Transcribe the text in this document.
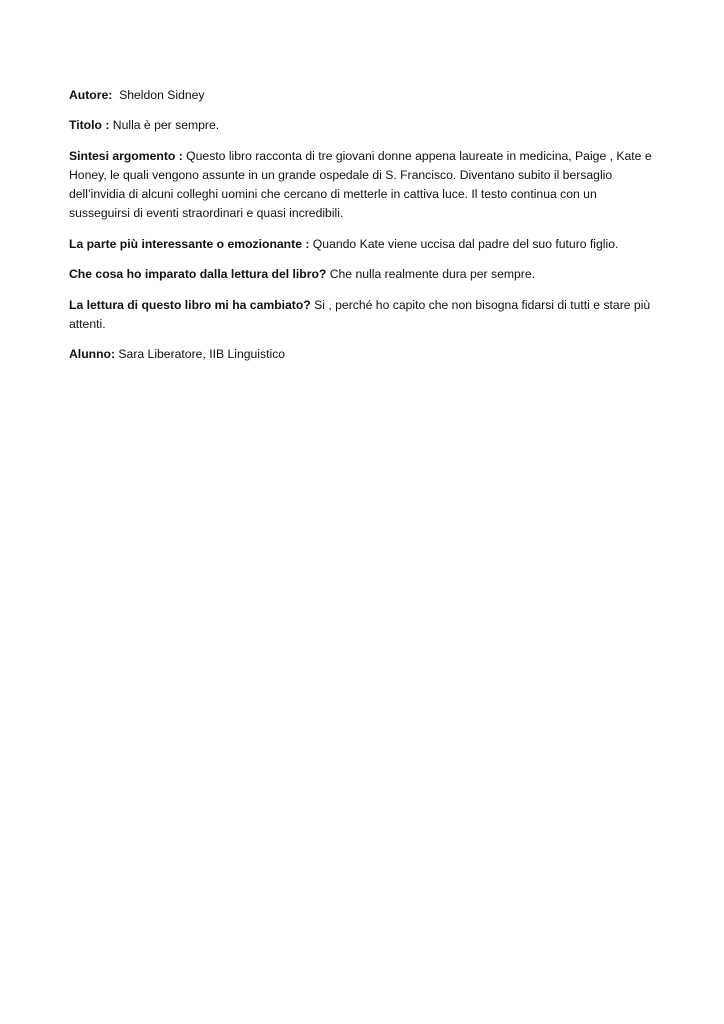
Autore:  Sheldon Sidney

Titolo : Nulla è per sempre.

Sintesi argomento : Questo libro racconta di tre giovani donne appena laureate in medicina, Paige , Kate e Honey, le quali vengono assunte in un grande ospedale di S. Francisco. Diventano subito il bersaglio dell’invidia di alcuni colleghi uomini che cercano di metterle in cattiva luce. Il testo continua con un susseguirsi di eventi straordinari e quasi incredibili.

La parte più interessante o emozionante : Quando Kate viene uccisa dal padre del suo futuro figlio.

Che cosa ho imparato dalla lettura del libro? Che nulla realmente dura per sempre.

La lettura di questo libro mi ha cambiato? Si , perché ho capito che non bisogna fidarsi di tutti e stare più attenti.

Alunno: Sara Liberatore, IIB Linguistico
